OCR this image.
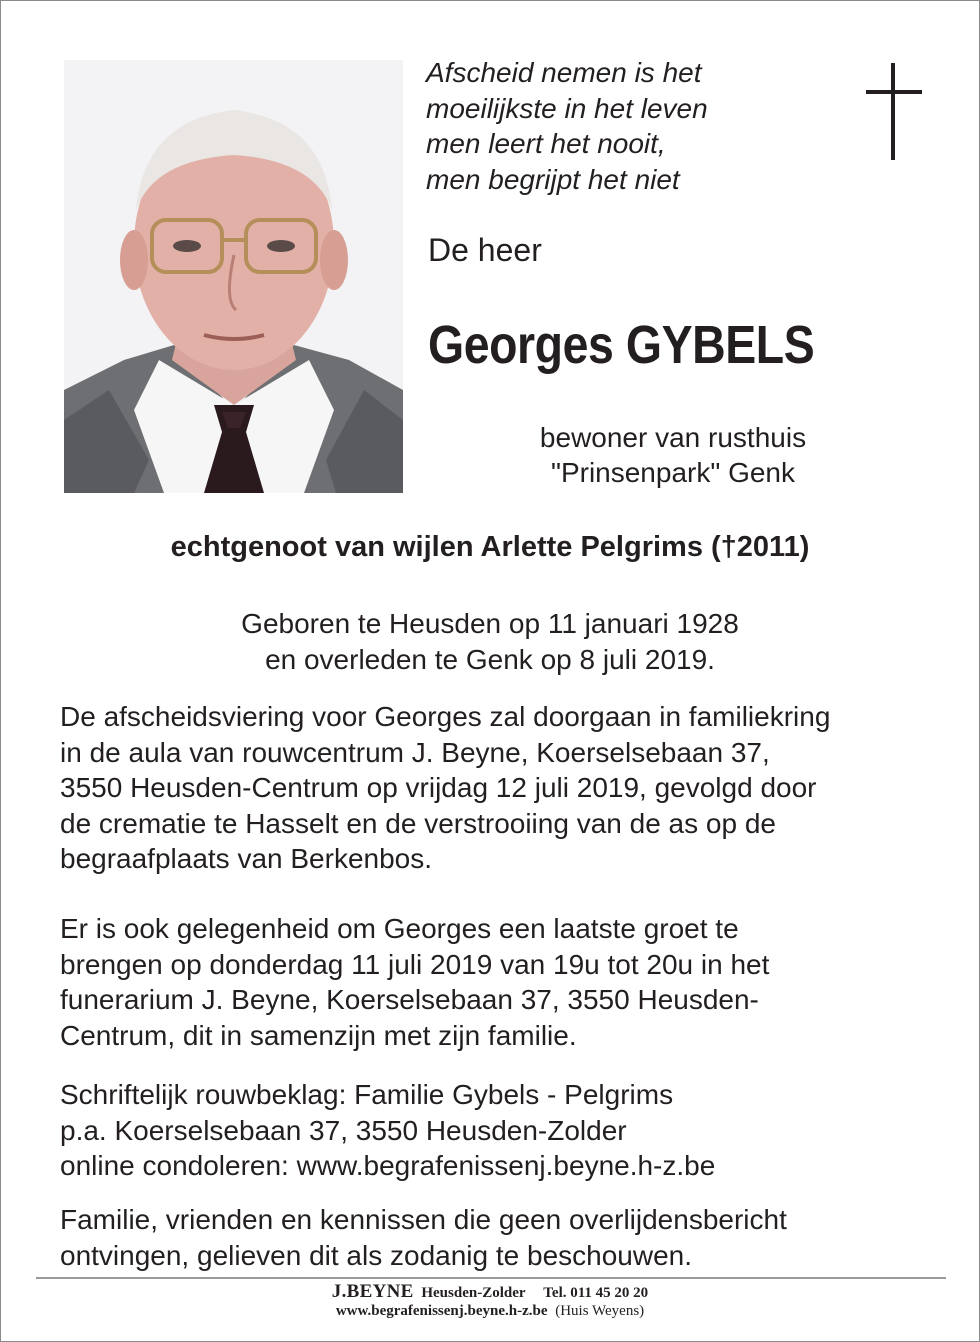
Afscheid nemen is het
moeilijkste in het leven
men leert het nooit,
men begrijpt het niet
De heer
Georges GYBELS
bewoner van rusthuis
"Prinsenpark" Genk
echtgenoot van wijlen Arlette Pelgrims (†2011)
Geboren te Heusden op 11 januari 1928
en overleden te Genk op 8 juli 2019.
De afscheidsviering voor Georges zal doorgaan in familiekring
in de aula van rouwcentrum J. Beyne, Koerselsebaan 37,
3550 Heusden-Centrum op vrijdag 12 juli 2019, gevolgd door
de crematie te Hasselt en de verstrooiing van de as op de
begraafplaats van Berkenbos.
Er is ook gelegenheid om Georges een laatste groet te
brengen op donderdag 11 juli 2019 van 19u tot 20u in het
funerarium J. Beyne, Koerselsebaan 37, 3550 Heusden-
Centrum, dit in samenzijn met zijn familie.
Schriftelijk rouwbeklag: Familie Gybels - Pelgrims
p.a. Koerselsebaan 37, 3550 Heusden-Zolder
online condoleren: www.begrafenissenj.beyne.h-z.be
Familie, vrienden en kennissen die geen overlijdensbericht
ontvingen, gelieven dit als zodanig te beschouwen.
J.BEYNE Heusden-Zolder Tel. 011 45 20 20
www.begrafenissenj.beyne.h-z.be (Huis Weyens)
